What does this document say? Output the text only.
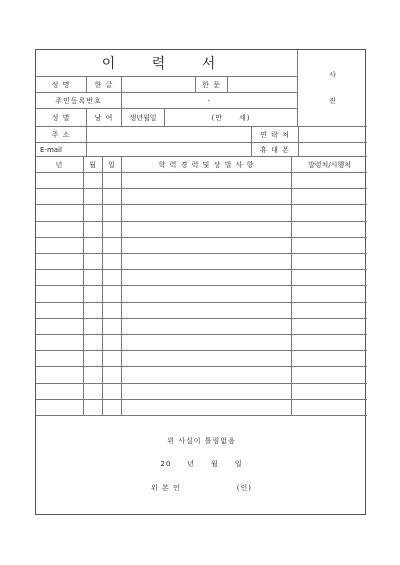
이 력 서
사
진
성 명	한 글	한 문
주민등록번호	-
성 별	남 여	생년월일	(만　　세)
주 소	연 락 처
E-mail	휴 대 폰
년	월	일	학 력 경 력 및 상 벌 사 항	발령처/시행처
위 사실이 틀림없음
20　　년　　월　　일
위 본 인　　　　　　　(인)
